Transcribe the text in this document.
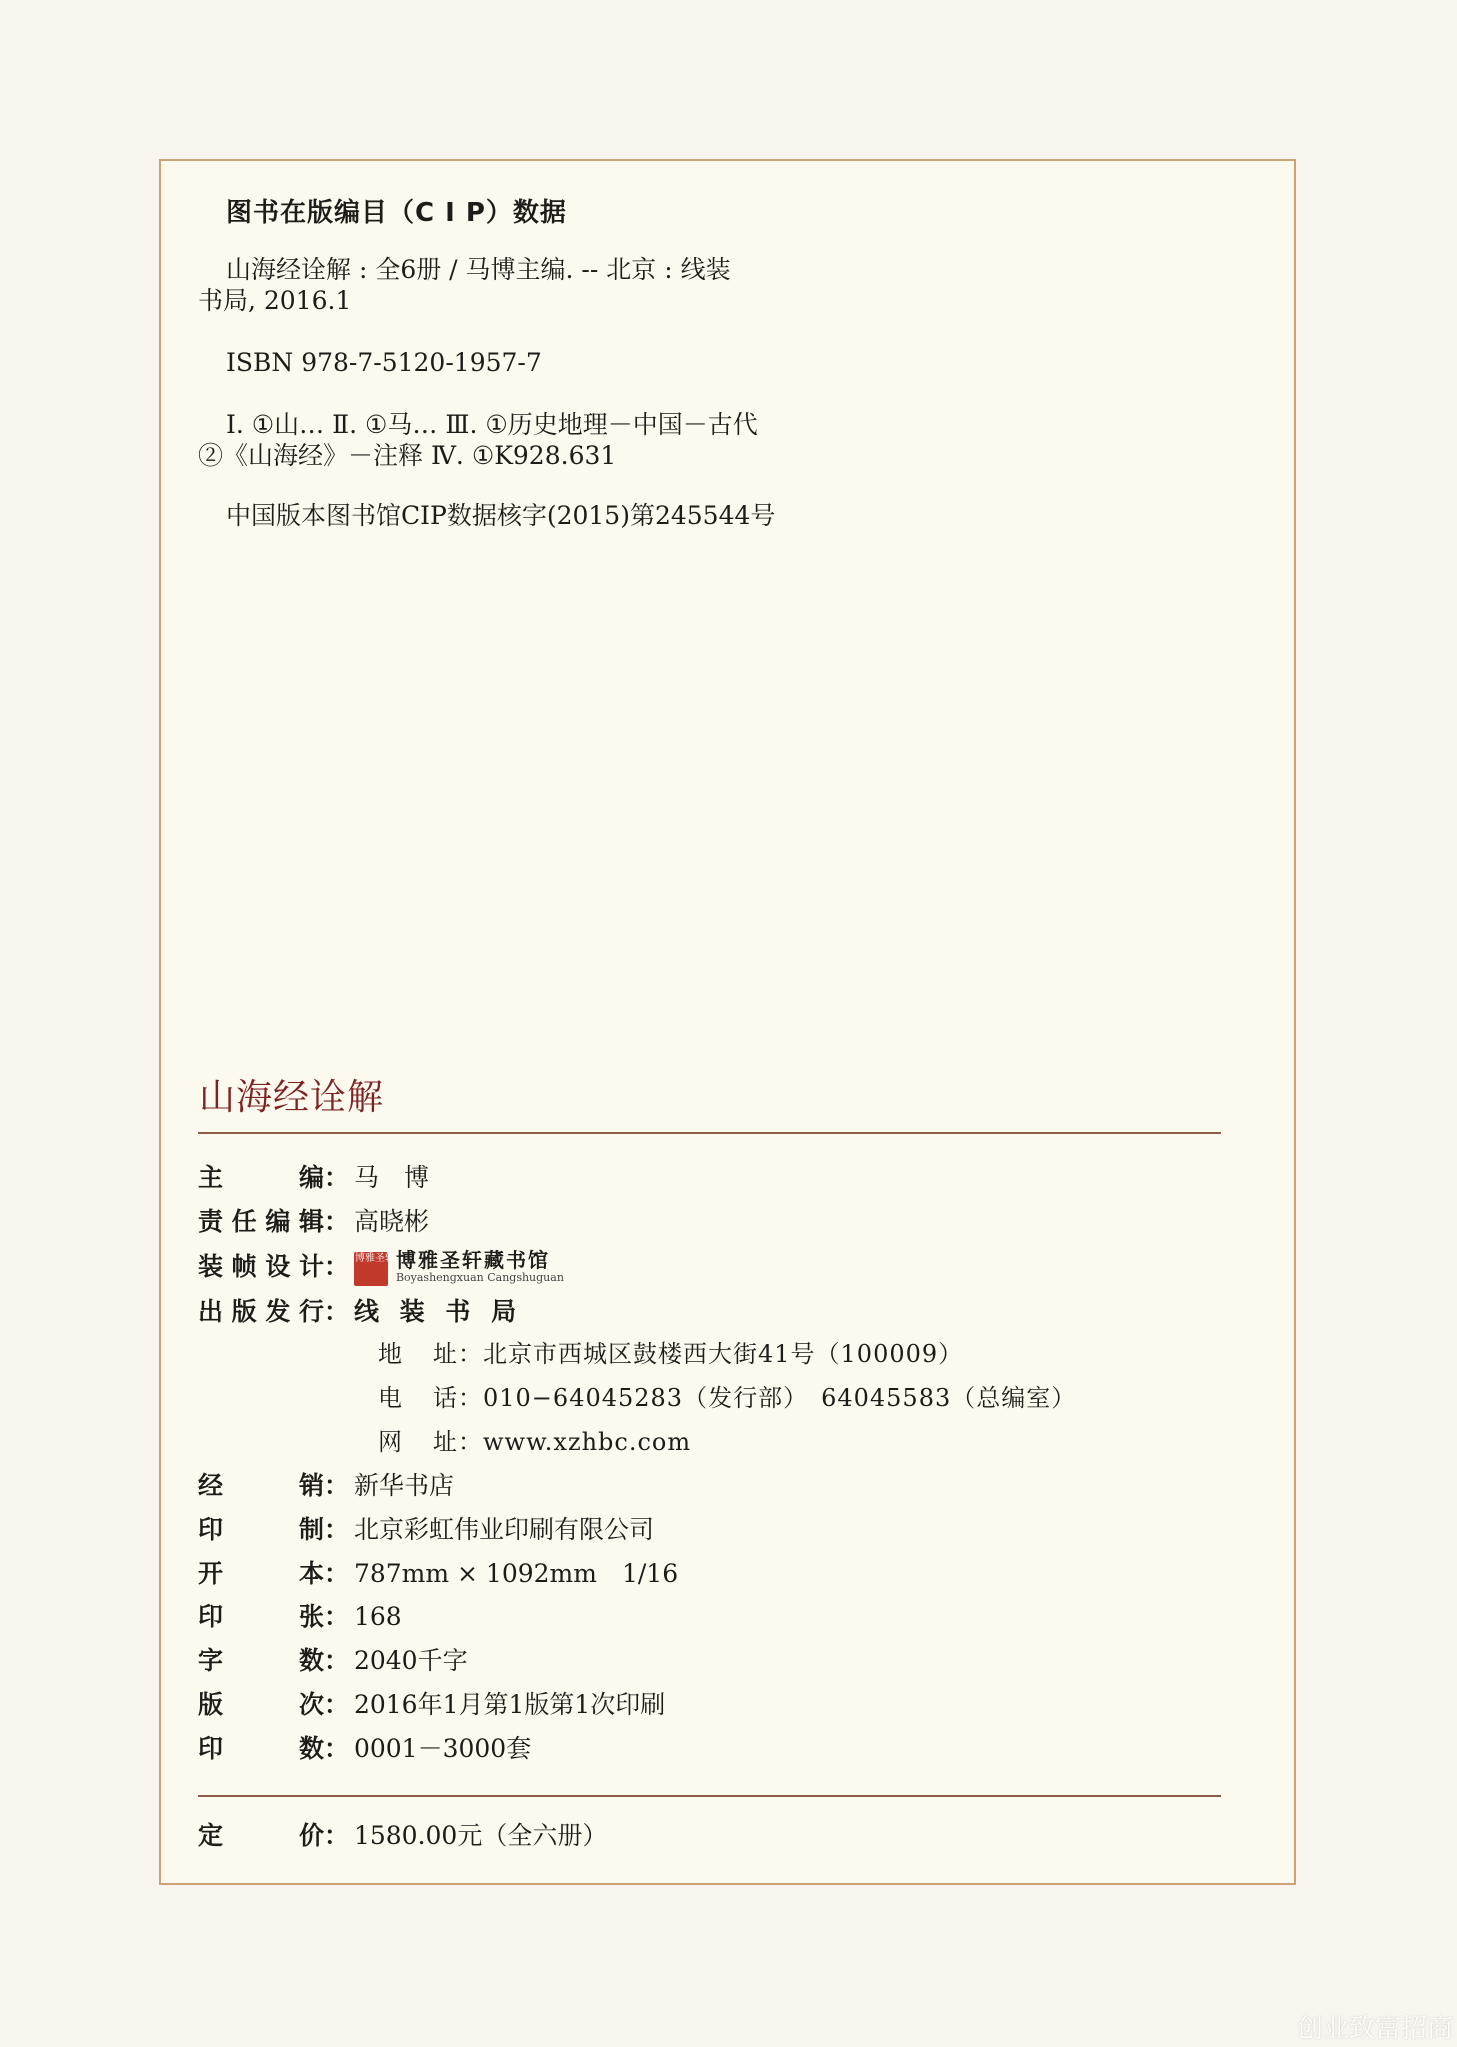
图书在版编目（C I P）数据
山海经诠解 : 全6册 / 马博主编. -- 北京 : 线装
书局, 2016.1
ISBN 978-7-5120-1957-7
Ⅰ. ①山… Ⅱ. ①马… Ⅲ. ①历史地理－中国－古代
②《山海经》－注释 Ⅳ. ①K928.631
中国版本图书馆CIP数据核字(2015)第245544号
山海经诠解
主　　编： 马　博
责任编辑： 高晓彬
装帧设计： 博雅圣轩 博雅圣轩藏书馆
Boyashengxuan Cangshuguan
出版发行： 线 装 书 局
地　址：北京市西城区鼓楼西大街41号（100009）
电　话：010−64045283（发行部）　64045583（总编室）
网　址：www.xzhbc.com
经　　销： 新华书店
印　　制： 北京彩虹伟业印刷有限公司
开　　本： 787mm × 1092mm　1/16
印　　张： 168
字　　数： 2040千字
版　　次： 2016年1月第1版第1次印刷
印　　数： 0001－3000套
定　　价： 1580.00元（全六册）
创业致富招商
